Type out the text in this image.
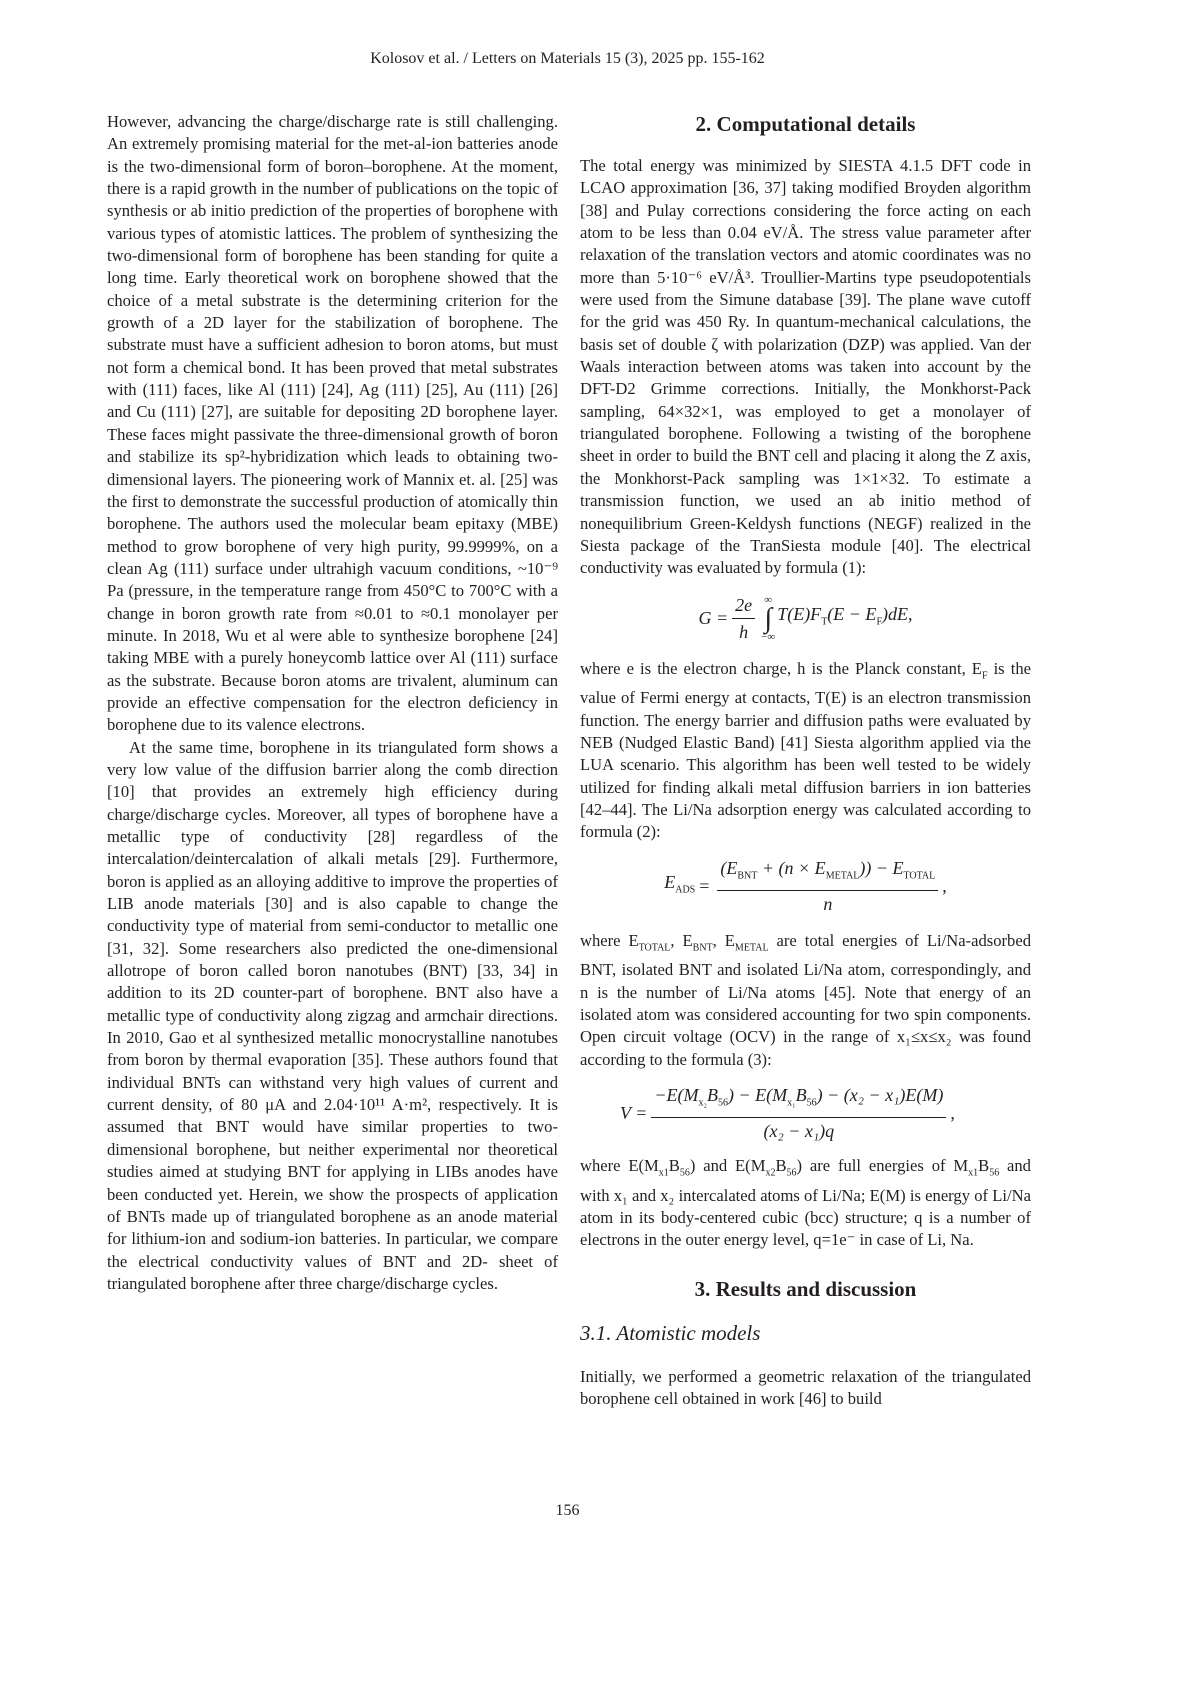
Kolosov et al. / Letters on Materials 15 (3), 2025 pp. 155-162

However, advancing the charge/discharge rate is still challenging. An extremely promising material for the met-al-ion batteries anode is the two-dimensional form of boron–borophene. At the moment, there is a rapid growth in the number of publications on the topic of synthesis or ab initio prediction of the properties of borophene with various types of atomistic lattices. The problem of synthesizing the two-dimensional form of borophene has been standing for quite a long time. Early theoretical work on borophene showed that the choice of a metal substrate is the determining criterion for the growth of a 2D layer for the stabilization of borophene. The substrate must have a sufficient adhesion to boron atoms, but must not form a chemical bond. It has been proved that metal substrates with (111) faces, like Al (111) [24], Ag (111) [25], Au (111) [26] and Cu (111) [27], are suitable for depositing 2D borophene layer. These faces might passivate the three-dimensional growth of boron and stabilize its sp²-hybridization which leads to obtaining two-dimensional layers. The pioneering work of Mannix et. al. [25] was the first to demonstrate the successful production of atomically thin borophene. The authors used the molecular beam epitaxy (MBE) method to grow borophene of very high purity, 99.9999%, on a clean Ag (111) surface under ultrahigh vacuum conditions, ~10⁻⁹ Pa (pressure, in the temperature range from 450°C to 700°C with a change in boron growth rate from ≈0.01 to ≈0.1 monolayer per minute. In 2018, Wu et al were able to synthesize borophene [24] taking MBE with a purely honeycomb lattice over Al (111) surface as the substrate. Because boron atoms are trivalent, aluminum can provide an effective compensation for the electron deficiency in borophene due to its valence electrons.

At the same time, borophene in its triangulated form shows a very low value of the diffusion barrier along the comb direction [10] that provides an extremely high efficiency during charge/discharge cycles. Moreover, all types of borophene have a metallic type of conductivity [28] regardless of the intercalation/deintercalation of alkali metals [29]. Furthermore, boron is applied as an alloying additive to improve the properties of LIB anode materials [30] and is also capable to change the conductivity type of material from semi-conductor to metallic one [31, 32]. Some researchers also predicted the one-dimensional allotrope of boron called boron nanotubes (BNT) [33, 34] in addition to its 2D counter-part of borophene. BNT also have a metallic type of conductivity along zigzag and armchair directions. In 2010, Gao et al synthesized metallic monocrystalline nanotubes from boron by thermal evaporation [35]. These authors found that individual BNTs can withstand very high values of current and current density, of 80 μA and 2.04·10¹¹ A·m², respectively. It is assumed that BNT would have similar properties to two-dimensional borophene, but neither experimental nor theoretical studies aimed at studying BNT for applying in LIBs anodes have been conducted yet. Herein, we show the prospects of application of BNTs made up of triangulated borophene as an anode material for lithium-ion and sodium-ion batteries. In particular, we compare the electrical conductivity values of BNT and 2D- sheet of triangulated borophene after three charge/discharge cycles.

2. Computational details

The total energy was minimized by SIESTA 4.1.5 DFT code in LCAO approximation [36, 37] taking modified Broyden algorithm [38] and Pulay corrections considering the force acting on each atom to be less than 0.04 eV/Å. The stress value parameter after relaxation of the translation vectors and atomic coordinates was no more than 5·10⁻⁶ eV/Å³. Troullier-Martins type pseudopotentials were used from the Simune database [39]. The plane wave cutoff for the grid was 450 Ry. In quantum-mechanical calculations, the basis set of double ζ with polarization (DZP) was applied. Van der Waals interaction between atoms was taken into account by the DFT-D2 Grimme corrections. Initially, the Monkhorst-Pack sampling, 64×32×1, was employed to get a monolayer of triangulated borophene. Following a twisting of the borophene sheet in order to build the BNT cell and placing it along the Z axis, the Monkhorst-Pack sampling was 1×1×32. To estimate a transmission function, we used an ab initio method of nonequilibrium Green-Keldysh functions (NEGF) realized in the Siesta package of the TranSiesta module [40]. The electrical conductivity was evaluated by formula (1):

G =
2e
h
∞
∫
−∞
T(E)FT(E − EF)dE,

where e is the electron charge, h is the Planck constant, EF is the value of Fermi energy at contacts, T(E) is an electron transmission function. The energy barrier and diffusion paths were evaluated by NEB (Nudged Elastic Band) [41] Siesta algorithm applied via the LUA scenario. This algorithm has been well tested to be widely utilized for finding alkali metal diffusion barriers in ion batteries [42–44]. The Li/Na adsorption energy was calculated according to formula (2):

EADS =
(EBNT + (n × EMETAL)) − ETOTAL
n
,

where ETOTAL, EBNT, EMETAL are total energies of Li/Na-adsorbed BNT, isolated BNT and isolated Li/Na atom, correspondingly, and n is the number of Li/Na atoms [45]. Note that energy of an isolated atom was considered accounting for two spin components. Open circuit voltage (OCV) in the range of x₁≤x≤x₂ was found according to the formula (3):

V =
−E(Mx₂B56) − E(Mx₁B56) − (x₂ − x₁)E(M)
(x₂ − x₁)q
,

where E(Mx1B56) and E(Mx2B56) are full energies of Mx1B56 and with x₁ and x₂ intercalated atoms of Li/Na; E(M) is energy of Li/Na atom in its body-centered cubic (bcc) structure; q is a number of electrons in the outer energy level, q=1e⁻ in case of Li, Na.

3. Results and discussion
3.1. Atomistic models

Initially, we performed a geometric relaxation of the triangulated borophene cell obtained in work [46] to build

156
